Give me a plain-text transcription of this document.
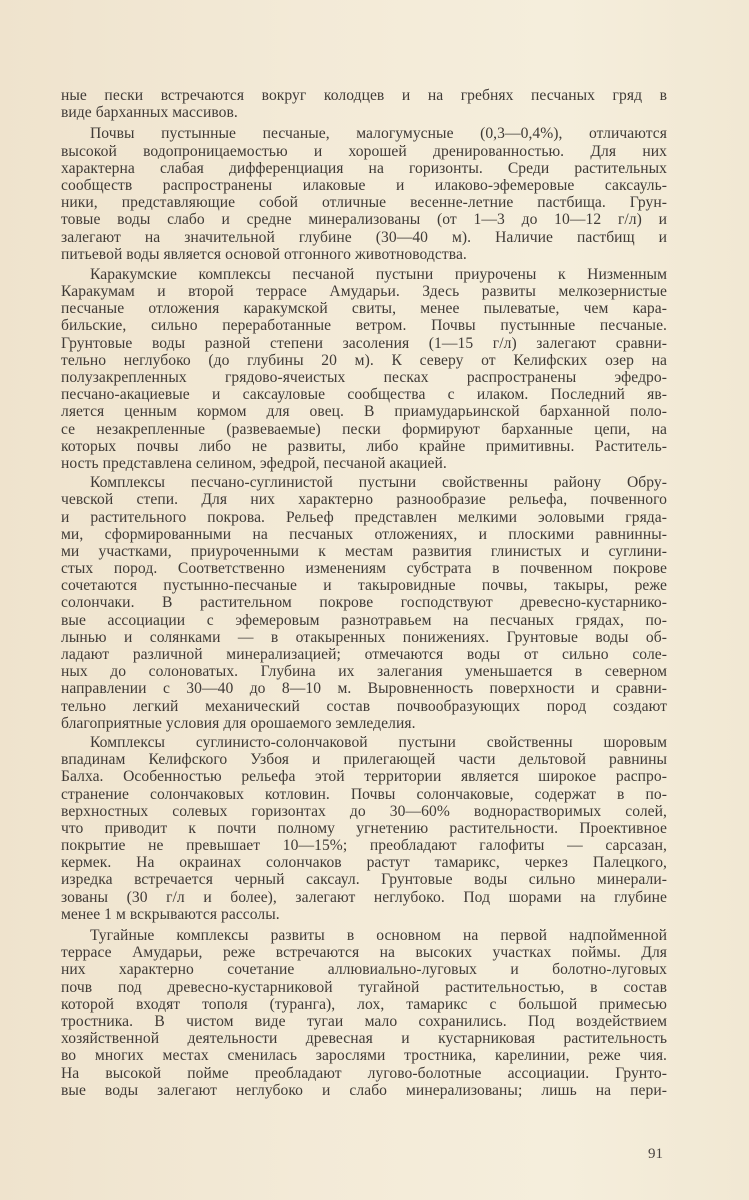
ные пески встречаются вокруг колодцев и на гребнях песчаных гряд в
виде барханных массивов.
Почвы пустынные песчаные, малогумусные (0,3—0,4%), отличаются
высокой водопроницаемостью и хорошей дренированностью. Для них
характерна слабая дифференциация на горизонты. Среди растительных
сообществ распространены илаковые и илаково-эфемеровые саксауль-
ники, представляющие собой отличные весенне-летние пастбища. Грун-
товые воды слабо и средне минерализованы (от 1—3 до 10—12 г/л) и
залегают на значительной глубине (30—40 м). Наличие пастбищ и
питьевой воды является основой отгонного животноводства.
Каракумские комплексы песчаной пустыни приурочены к Низменным
Каракумам и второй террасе Амударьи. Здесь развиты мелкозернистые
песчаные отложения каракумской свиты, менее пылеватые, чем кара-
бильские, сильно переработанные ветром. Почвы пустынные песчаные.
Грунтовые воды разной степени засоления (1—15 г/л) залегают сравни-
тельно неглубоко (до глубины 20 м). К северу от Келифских озер на
полузакрепленных грядово-ячеистых песках распространены эфедро-
песчано-акациевые и саксауловые сообщества с илаком. Последний яв-
ляется ценным кормом для овец. В приамударьинской барханной поло-
се незакрепленные (развеваемые) пески формируют барханные цепи, на
которых почвы либо не развиты, либо крайне примитивны. Раститель-
ность представлена селином, эфедрой, песчаной акацией.
Комплексы песчано-суглинистой пустыни свойственны району Обру-
чевской степи. Для них характерно разнообразие рельефа, почвенного
и растительного покрова. Рельеф представлен мелкими эоловыми гряда-
ми, сформированными на песчаных отложениях, и плоскими равнинны-
ми участками, приуроченными к местам развития глинистых и суглини-
стых пород. Соответственно изменениям субстрата в почвенном покрове
сочетаются пустынно-песчаные и такыровидные почвы, такыры, реже
солончаки. В растительном покрове господствуют древесно-кустарнико-
вые ассоциации с эфемеровым разнотравьем на песчаных грядах, по-
лынью и солянками — в отакыренных понижениях. Грунтовые воды об-
ладают различной минерализацией; отмечаются воды от сильно соле-
ных до солоноватых. Глубина их залегания уменьшается в северном
направлении с 30—40 до 8—10 м. Выровненность поверхности и сравни-
тельно легкий механический состав почвообразующих пород создают
благоприятные условия для орошаемого земледелия.
Комплексы суглинисто-солончаковой пустыни свойственны шоровым
впадинам Келифского Узбоя и прилегающей части дельтовой равнины
Балха. Особенностью рельефа этой территории является широкое распро-
странение солончаковых котловин. Почвы солончаковые, содержат в по-
верхностных солевых горизонтах до 30—60% воднорастворимых солей,
что приводит к почти полному угнетению растительности. Проективное
покрытие не превышает 10—15%; преобладают галофиты — сарсазан,
кермек. На окраинах солончаков растут тамарикс, черкез Палецкого,
изредка встречается черный саксаул. Грунтовые воды сильно минерали-
зованы (30 г/л и более), залегают неглубоко. Под шорами на глубине
менее 1 м вскрываются рассолы.
Тугайные комплексы развиты в основном на первой надпойменной
террасе Амударьи, реже встречаются на высоких участках поймы. Для
них характерно сочетание аллювиально-луговых и болотно-луговых
почв под древесно-кустарниковой тугайной растительностью, в состав
которой входят тополя (туранга), лох, тамарикс с большой примесью
тростника. В чистом виде тугаи мало сохранились. Под воздействием
хозяйственной деятельности древесная и кустарниковая растительность
во многих местах сменилась зарослями тростника, карелинии, реже чия.
На высокой пойме преобладают лугово-болотные ассоциации. Грунто-
вые воды залегают неглубоко и слабо минерализованы; лишь на пери-
91
